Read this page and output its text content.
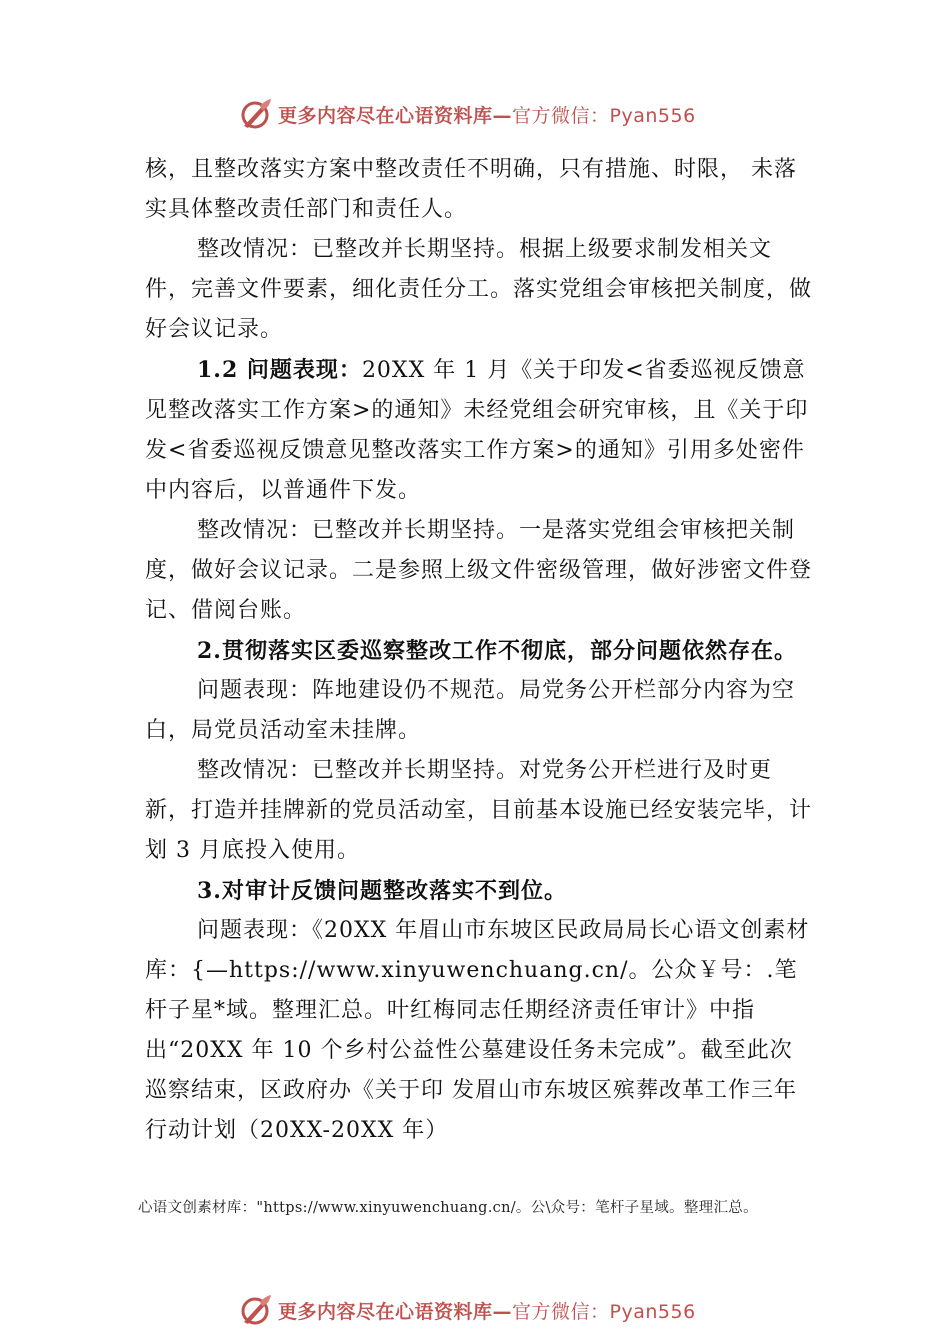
更多内容尽在心语资料库—官方微信：Pyan556

核，且整改落实方案中整改责任不明确，只有措施、时限， 未落实具体整改责任部门和责任人。

整改情况：已整改并长期坚持。根据上级要求制发相关文件，完善文件要素，细化责任分工。落实党组会审核把关制度，做好会议记录。

1.2 问题表现：20XX 年 1 月《关于印发<省委巡视反馈意见整改落实工作方案>的通知》未经党组会研究审核，且《关于印发<省委巡视反馈意见整改落实工作方案>的通知》引用多处密件中内容后，以普通件下发。

整改情况：已整改并长期坚持。一是落实党组会审核把关制度，做好会议记录。二是参照上级文件密级管理，做好涉密文件登记、借阅台账。

2.贯彻落实区委巡察整改工作不彻底，部分问题依然存在。

问题表现：阵地建设仍不规范。局党务公开栏部分内容为空白，局党员活动室未挂牌。

整改情况：已整改并长期坚持。对党务公开栏进行及时更新，打造并挂牌新的党员活动室，目前基本设施已经安装完毕，计划 3 月底投入使用。

3.对审计反馈问题整改落实不到位。

问题表现：《20XX 年眉山市东坡区民政局局长心语文创素材库：{—https://www.xinyuwenchuang.cn/。公众￥号：.笔杆子星*域。整理汇总。叶红梅同志任期经济责任审计》中指出“20XX 年 10 个乡村公益性公墓建设任务未完成”。截至此次巡察结束，区政府办《关于印 发眉山市东坡区殡葬改革工作三年行动计划（20XX-20XX 年）

心语文创素材库："https://www.xinyuwenchuang.cn/。公\众号：笔杆子星域。整理汇总。
更多内容尽在心语资料库—官方微信：Pyan556
